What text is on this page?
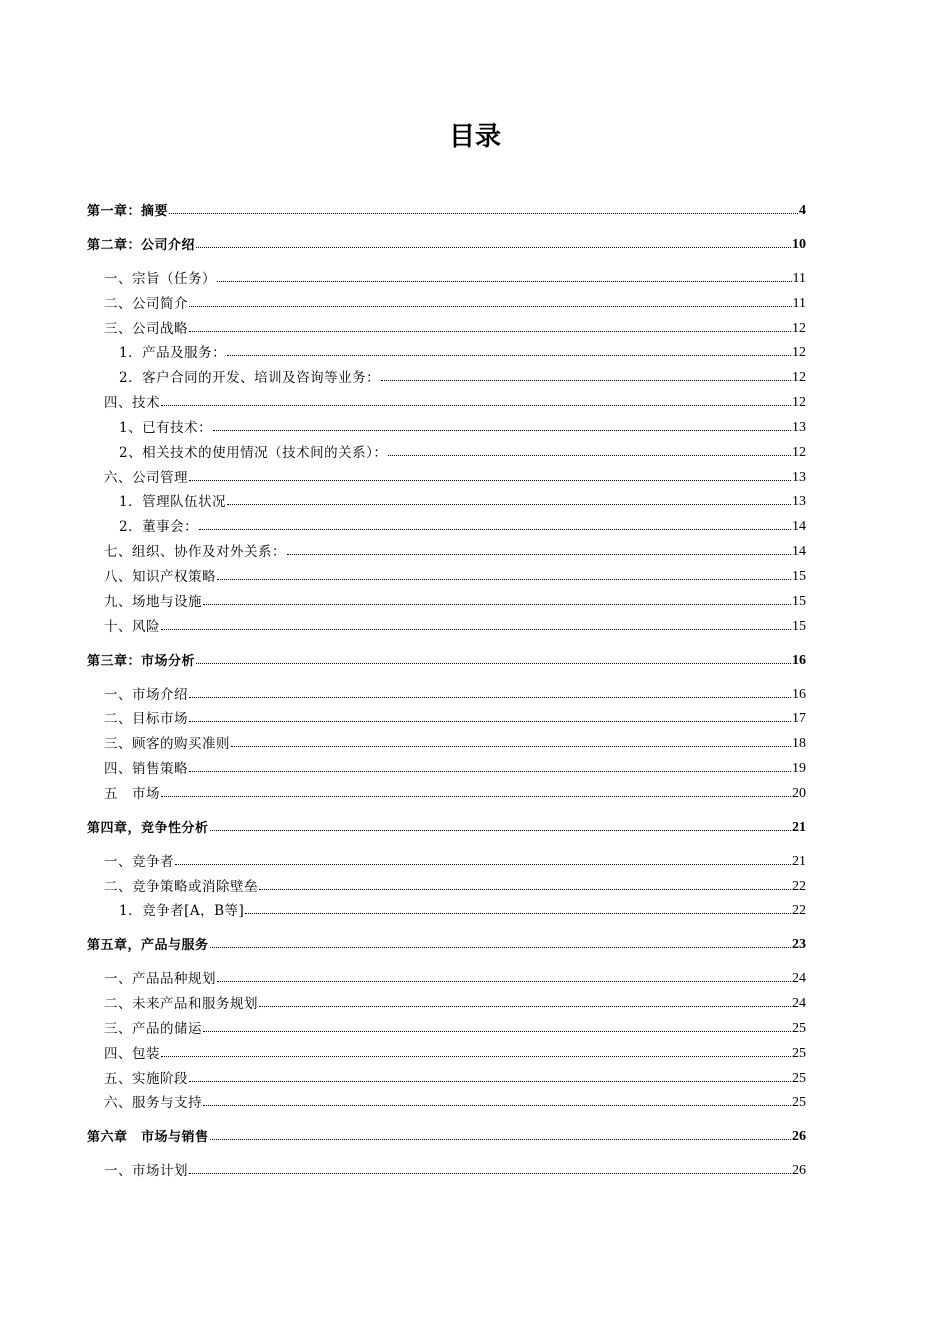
目录
第一章：摘要	4
第二章：公司介绍	10
一、宗旨（任务）	11
二、公司简介	11
三、公司战略	12
1．产品及服务：	12
2．客户合同的开发、培训及咨询等业务：	12
四、技术	12
1、已有技术：	13
2、相关技术的使用情况（技术间的关系）：	12
六、公司管理	13
1．管理队伍状况	13
2．董事会：	14
七、组织、协作及对外关系：	14
八、知识产权策略	15
九、场地与设施	15
十、风险	15
第三章：市场分析	16
一、市场介绍	16
二、目标市场	17
三、顾客的购买准则	18
四、销售策略	19
五　市场	20
第四章，竞争性分析	21
一、竞争者	21
二、竞争策略或消除壁垒	22
1．竞争者[A，B等]	22
第五章，产品与服务	23
一、产品品种规划	24
二、未来产品和服务规划	24
三、产品的储运	25
四、包装	25
五、实施阶段	25
六、服务与支持	25
第六章　市场与销售	26
一、市场计划	26
